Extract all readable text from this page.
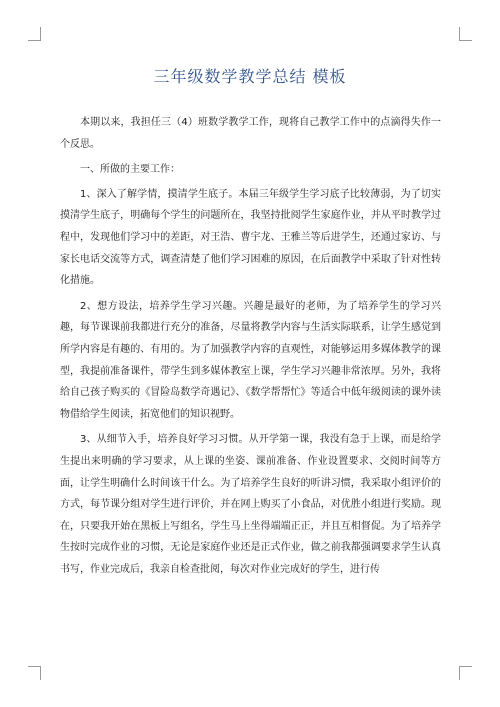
三年级数学教学总结 模板

本期以来，我担任三（4）班数学教学工作，现将自己教学工作中的点滴得失作一个反思。

一、所做的主要工作：

1、深入了解学情，摸清学生底子。本届三年级学生学习底子比较薄弱，为了切实摸清学生底子，明确每个学生的问题所在，我坚持批阅学生家庭作业，并从平时教学过程中，发现他们学习中的差距，对王浩、曹宇龙、王雅兰等后进学生，还通过家访、与家长电话交流等方式，调查清楚了他们学习困难的原因，在后面教学中采取了针对性转化措施。

2、想方设法，培养学生学习兴趣。兴趣是最好的老师，为了培养学生的学习兴趣，每节课课前我都进行充分的准备，尽量将教学内容与生活实际联系，让学生感觉到所学内容是有趣的、有用的。为了加强教学内容的直观性，对能够运用多媒体教学的课型，我提前准备课件，带学生到多媒体教室上课，学生学习兴趣非常浓厚。另外，我将给自己孩子购买的《冒险岛数学奇遇记》、《数学帮帮忙》等适合中低年级阅读的课外读物借给学生阅读，拓宽他们的知识视野。

3、从细节入手，培养良好学习习惯。从开学第一课，我没有急于上课，而是给学生提出来明确的学习要求，从上课的坐姿、课前准备、作业设置要求、交阅时间等方面，让学生明确什么时间该干什么。为了培养学生良好的听讲习惯，我采取小组评价的方式，每节课分组对学生进行评价，并在网上购买了小食品，对优胜小组进行奖励。现在，只要我开始在黑板上写组名，学生马上坐得端端正正，并且互相督促。为了培养学生按时完成作业的习惯，无论是家庭作业还是正式作业，做之前我都强调要求学生认真书写，作业完成后，我亲自检查批阅，每次对作业完成好的学生，进行传
